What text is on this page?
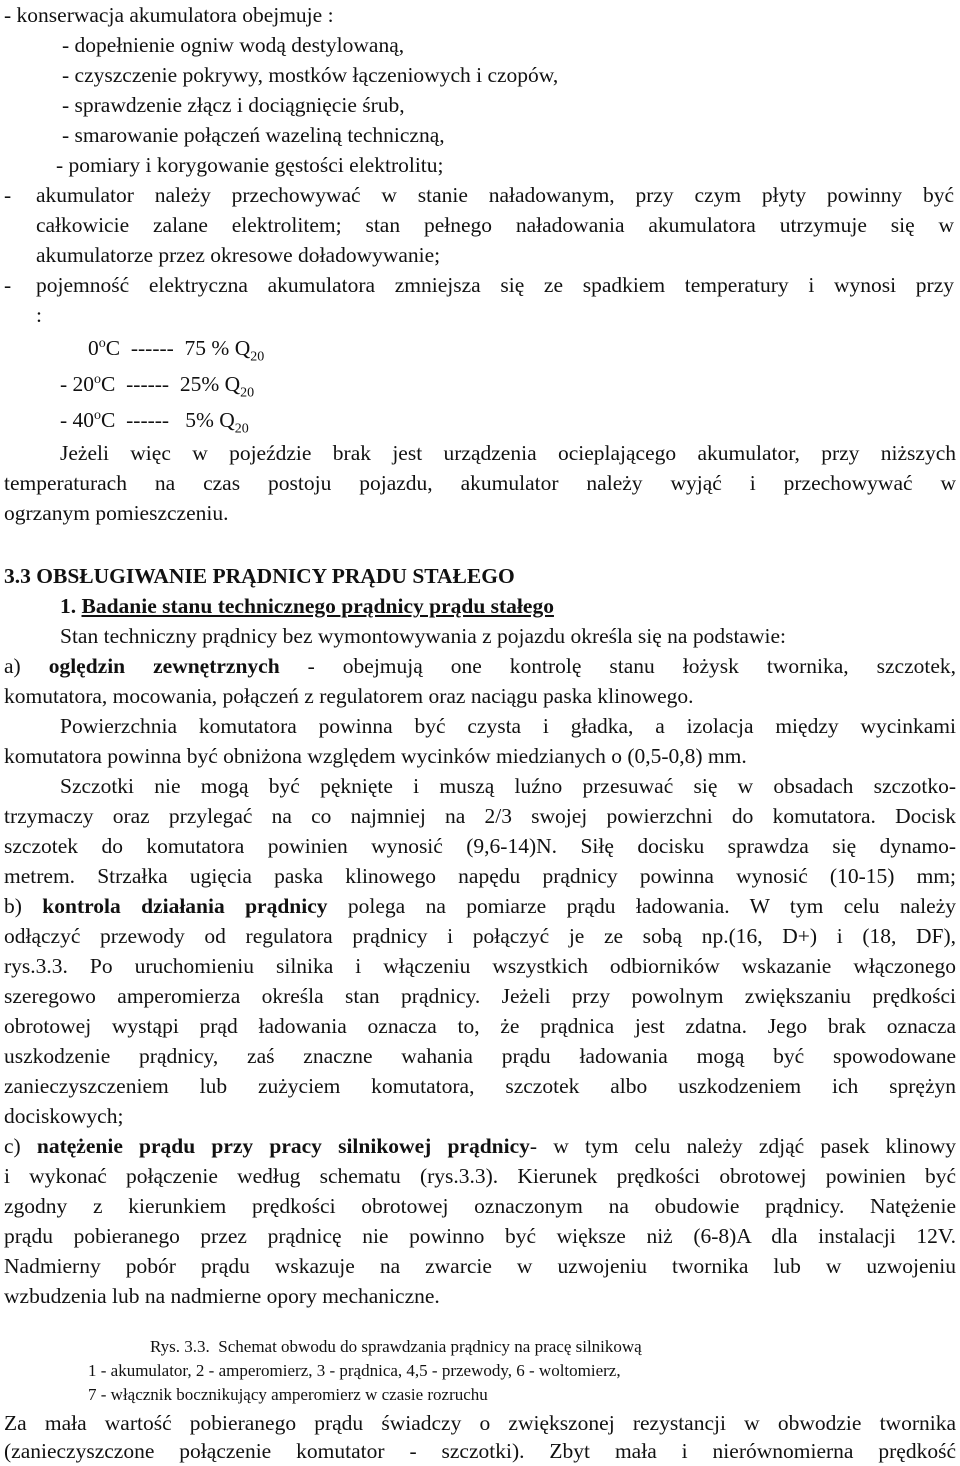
- konserwacja akumulatora obejmuje :

- dopełnienie ogniw wodą destylowaną,

- czyszczenie pokrywy, mostków łączeniowych i czopów,

- sprawdzenie złącz i dociągnięcie śrub,

- smarowanie połączeń wazeliną techniczną,

- pomiary i korygowanie gęstości elektrolitu;

-	akumulator należy przechowywać w stanie naładowanym, przy czym płyty powinny być

całkowicie zalane elektrolitem; stan pełnego naładowania akumulatora utrzymuje się w

akumulatorze przez okresowe doładowywanie;

-	pojemność elektryczna akumulatora zmniejsza się ze spadkiem temperatury i wynosi przy

:

0$^o$C  ------  75 % $Q_{20}$

- 20$^o$C  ------  25% $Q_{20}$

- 40$^o$C  ------   5% $Q_{20}$

Jeżeli więc w pojeździe brak jest urządzenia ocieplającego akumulator, przy niższych

temperaturach na czas postoju pojazdu, akumulator należy wyjąć i przechowywać w

ogrzanym pomieszczeniu.

3.3 OBSŁUGIWANIE PRĄDNICY PRĄDU STAŁEGO

1. Badanie stanu technicznego prądnicy prądu stałego

Stan techniczny prądnicy bez wymontowywania z pojazdu określa się na podstawie:

a) oględzin zewnętrznych - obejmują one kontrolę stanu łożysk twornika, szczotek,

komutatora, mocowania, połączeń z regulatorem oraz naciągu paska klinowego.

Powierzchnia komutatora powinna być czysta i gładka, a izolacja między wycinkami

komutatora powinna być obniżona względem wycinków miedzianych o (0,5-0,8) mm.

Szczotki nie mogą być pęknięte i muszą luźno przesuwać się w obsadach szczotko-

trzymaczy oraz przylegać na co najmniej na 2/3 swojej powierzchni do komutatora. Docisk

szczotek do komutatora powinien wynosić (9,6-14)N. Siłę docisku sprawdza się dynamo-

metrem. Strzałka ugięcia paska klinowego napędu prądnicy powinna wynosić (10-15) mm;

b) kontrola działania prądnicy polega na pomiarze prądu ładowania. W tym celu należy

odłączyć przewody od regulatora prądnicy i połączyć je ze sobą np.(16, D+) i (18, DF),

rys.3.3. Po uruchomieniu silnika i włączeniu wszystkich odbiorników wskazanie włączonego

szeregowo amperomierza określa stan prądnicy. Jeżeli przy powolnym zwiększaniu prędkości

obrotowej wystąpi prąd ładowania oznacza to, że prądnica jest zdatna. Jego brak oznacza

uszkodzenie prądnicy, zaś znaczne wahania prądu ładowania mogą być spowodowane

zanieczyszczeniem lub zużyciem komutatora, szczotek albo uszkodzeniem ich sprężyn

dociskowych;

c) natężenie prądu przy pracy silnikowej prądnicy- w tym celu należy zdjąć pasek klinowy

i wykonać połączenie według schematu (rys.3.3). Kierunek prędkości obrotowej powinien być

zgodny z kierunkiem prędkości obrotowej oznaczonym na obudowie prądnicy. Natężenie

prądu pobieranego przez prądnicę nie powinno być większe niż (6-8)A dla instalacji 12V.

Nadmierny pobór prądu wskazuje na zwarcie w uzwojeniu twornika lub w uzwojeniu

wzbudzenia lub na nadmierne opory mechaniczne.

Rys. 3.3.  Schemat obwodu do sprawdzania prądnicy na pracę silnikową

1 - akumulator, 2 - amperomierz, 3 - prądnica, 4,5 - przewody, 6 - woltomierz,

7 - włącznik bocznikujący amperomierz w czasie rozruchu

Za mała wartość pobieranego prądu świadczy o zwiększonej rezystancji w obwodzie twornika

(zanieczyszczone połączenie komutator - szczotki). Zbyt mała i nierównomierna prędkość
